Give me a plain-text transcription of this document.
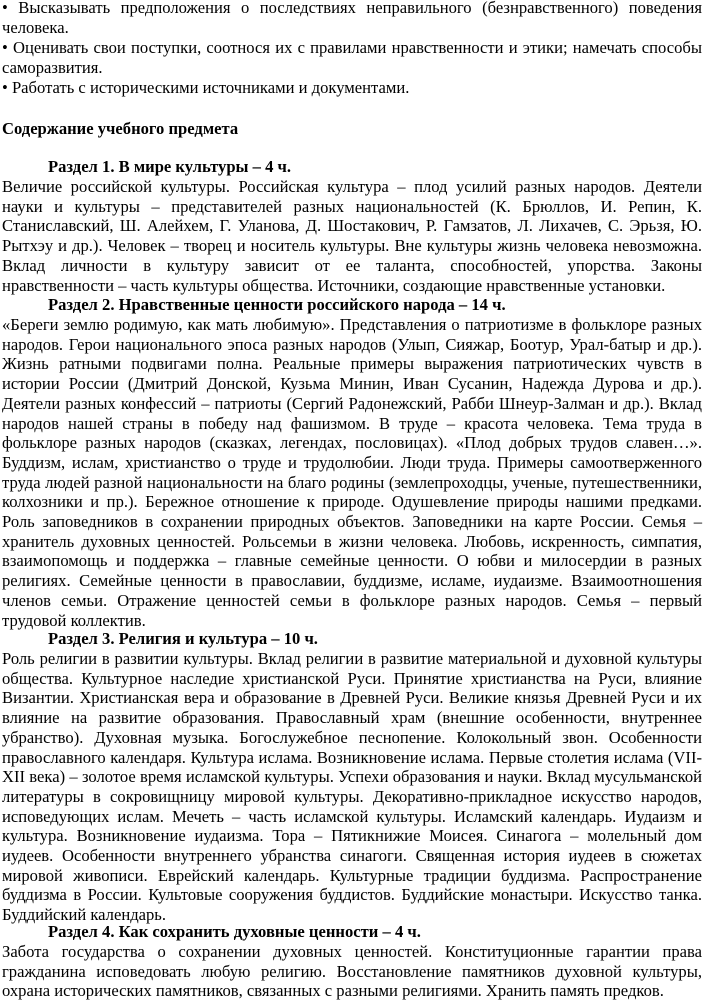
• Высказывать предположения о последствиях неправильного (безнравственного) поведения человека.

• Оценивать свои поступки, соотнося их с правилами нравственности и этики; намечать способы саморазвития.

• Работать с историческими источниками и документами.

Содержание учебного предмета

Раздел 1. В мире культуры – 4 ч.

Величие российской культуры. Российская культура – плод усилий разных народов. Деятели науки и культуры – представителей разных национальностей (К. Брюллов, И. Репин, К. Станиславский, Ш. Алейхем, Г. Уланова, Д. Шостакович, Р. Гамзатов, Л. Лихачев, С. Эрьзя, Ю. Рытхэу и др.). Человек – творец и носитель культуры. Вне культуры жизнь человека невозможна. Вклад личности в культуру зависит от ее таланта, способностей, упорства. Законы нравственности – часть культуры общества. Источники, создающие нравственные установки.

Раздел 2. Нравственные ценности российского народа – 14 ч.

«Береги землю родимую, как мать любимую». Представления о патриотизме в фольклоре разных народов. Герои национального эпоса разных народов (Улып, Сияжар, Боотур, Урал-батыр и др.). Жизнь ратными подвигами полна. Реальные примеры выражения патриотических чувств в истории России (Дмитрий Донской, Кузьма Минин, Иван Сусанин, Надежда Дурова и др.). Деятели разных конфессий – патриоты (Сергий Радонежский, Рабби Шнеур-Залман и др.). Вклад народов нашей страны в победу над фашизмом. В труде – красота человека. Тема труда в фольклоре разных народов (сказках, легендах, пословицах). «Плод добрых трудов славен…». Буддизм, ислам, христианство о труде и трудолюбии. Люди труда. Примеры самоотверженного труда людей разной национальности на благо родины (землепроходцы, ученые, путешественники, колхозники и пр.). Бережное отношение к природе. Одушевление природы нашими предками. Роль заповедников в сохранении природных объектов. Заповедники на карте России. Семья – хранитель духовных ценностей. Рольсемьи в жизни человека. Любовь, искренность, симпатия, взаимопомощь и поддержка – главные семейные ценности. О юбви и милосердии в разных религиях. Семейные ценности в православии, буддизме, исламе, иудаизме. Взаимоотношения членов семьи. Отражение ценностей семьи в фольклоре разных народов. Семья – первый трудовой коллектив.

Раздел 3. Религия и культура – 10 ч.

Роль религии в развитии культуры. Вклад религии в развитие материальной и духовной культуры общества. Культурное наследие христианской Руси. Принятие христианства на Руси, влияние Византии. Христианская вера и образование в Древней Руси. Великие князья Древней Руси и их влияние на развитие образования. Православный храм (внешние особенности, внутреннее убранство). Духовная музыка. Богослужебное песнопение. Колокольный звон. Особенности православного календаря. Культура ислама. Возникновение ислама. Первые столетия ислама (VII-XII века) – золотое время исламской культуры. Успехи образования и науки. Вклад мусульманской литературы в сокровищницу мировой культуры. Декоративно-прикладное искусство народов, исповедующих ислам. Мечеть – часть исламской культуры. Исламский календарь. Иудаизм и культура. Возникновение иудаизма. Тора – Пятикнижие Моисея. Синагога – молельный дом иудеев. Особенности внутреннего убранства синагоги. Священная история иудеев в сюжетах мировой живописи. Еврейский календарь. Культурные традиции буддизма. Распространение буддизма в России. Культовые сооружения буддистов. Буддийские монастыри. Искусство танка. Буддийский календарь.

Раздел 4. Как сохранить духовные ценности – 4 ч.

Забота государства о сохранении духовных ценностей. Конституционные гарантии права гражданина исповедовать любую религию. Восстановление памятников духовной культуры, охрана исторических памятников, связанных с разными религиями. Хранить память предков.
